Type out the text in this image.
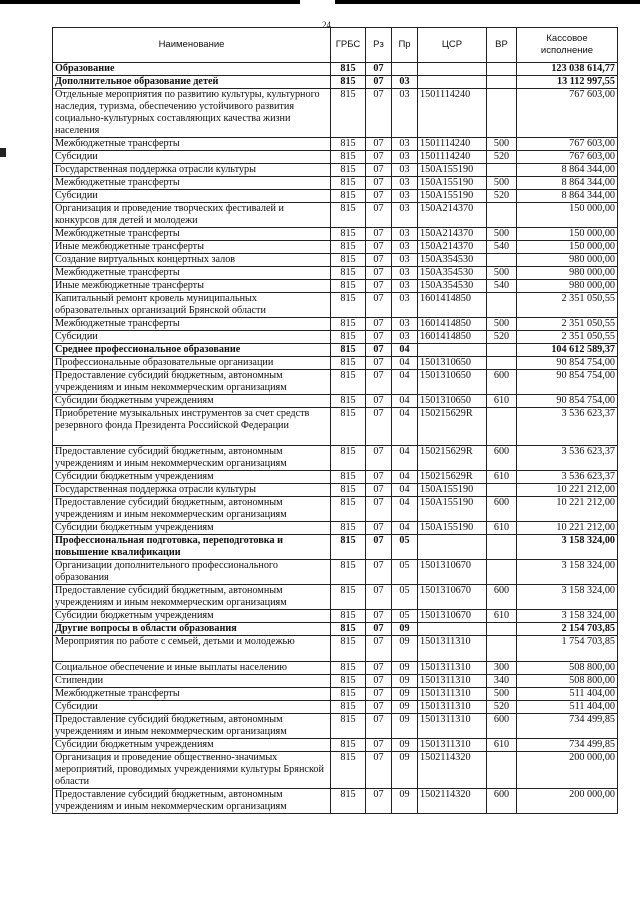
24
Наименование	ГРБС	Рз	Пр	ЦСР	ВР	Кассовое исполнение
Образование	815	07				123 038 614,77
Дополнительное образование детей	815	07	03			13 112 997,55
Отдельные мероприятия по развитию культуры, культурного наследия, туризма, обеспечению устойчивого развития социально-культурных составляющих качества жизни населения	815	07	03	1501114240		767 603,00
Межбюджетные трансферты	815	07	03	1501114240	500	767 603,00
Субсидии	815	07	03	1501114240	520	767 603,00
Государственная поддержка отрасли культуры	815	07	03	150А155190		8 864 344,00
Межбюджетные трансферты	815	07	03	150А155190	500	8 864 344,00
Субсидии	815	07	03	150А155190	520	8 864 344,00
Организация и проведение творческих фестивалей и конкурсов для детей и молодежи	815	07	03	150А214370		150 000,00
Межбюджетные трансферты	815	07	03	150А214370	500	150 000,00
Иные межбюджетные трансферты	815	07	03	150А214370	540	150 000,00
Создание виртуальных концертных залов	815	07	03	150А354530		980 000,00
Межбюджетные трансферты	815	07	03	150А354530	500	980 000,00
Иные межбюджетные трансферты	815	07	03	150А354530	540	980 000,00
Капитальный ремонт кровель муниципальных образовательных организаций Брянской области	815	07	03	1601414850		2 351 050,55
Межбюджетные трансферты	815	07	03	1601414850	500	2 351 050,55
Субсидии	815	07	03	1601414850	520	2 351 050,55
Среднее профессиональное образование	815	07	04			104 612 589,37
Профессиональные образовательные организации	815	07	04	1501310650		90 854 754,00
Предоставление субсидий бюджетным, автономным учреждениям и иным некоммерческим организациям	815	07	04	1501310650	600	90 854 754,00
Субсидии бюджетным учреждениям	815	07	04	1501310650	610	90 854 754,00
Приобретение музыкальных инструментов за счет средств резервного фонда Президента Российской Федерации	815	07	04	150215629R		3 536 623,37
Предоставление субсидий бюджетным, автономным учреждениям и иным некоммерческим организациям	815	07	04	150215629R	600	3 536 623,37
Субсидии бюджетным учреждениям	815	07	04	150215629R	610	3 536 623,37
Государственная поддержка отрасли культуры	815	07	04	150А155190		10 221 212,00
Предоставление субсидий бюджетным, автономным учреждениям и иным некоммерческим организациям	815	07	04	150А155190	600	10 221 212,00
Субсидии бюджетным учреждениям	815	07	04	150А155190	610	10 221 212,00
Профессиональная подготовка, переподготовка и повышение квалификации	815	07	05			3 158 324,00
Организации дополнительного профессионального образования	815	07	05	1501310670		3 158 324,00
Предоставление субсидий бюджетным, автономным учреждениям и иным некоммерческим организациям	815	07	05	1501310670	600	3 158 324,00
Субсидии бюджетным учреждениям	815	07	05	1501310670	610	3 158 324,00
Другие вопросы в области образования	815	07	09			2 154 703,85
Мероприятия по работе с семьей, детьми и молодежью	815	07	09	1501311310		1 754 703,85
Социальное обеспечение и иные выплаты населению	815	07	09	1501311310	300	508 800,00
Стипендии	815	07	09	1501311310	340	508 800,00
Межбюджетные трансферты	815	07	09	1501311310	500	511 404,00
Субсидии	815	07	09	1501311310	520	511 404,00
Предоставление субсидий бюджетным, автономным учреждениям и иным некоммерческим организациям	815	07	09	1501311310	600	734 499,85
Субсидии бюджетным учреждениям	815	07	09	1501311310	610	734 499,85
Организация и проведение общественно-значимых мероприятий, проводимых учреждениями культуры Брянской области	815	07	09	1502114320		200 000,00
Предоставление субсидий бюджетным, автономным учреждениям и иным некоммерческим организациям	815	07	09	1502114320	600	200 000,00
